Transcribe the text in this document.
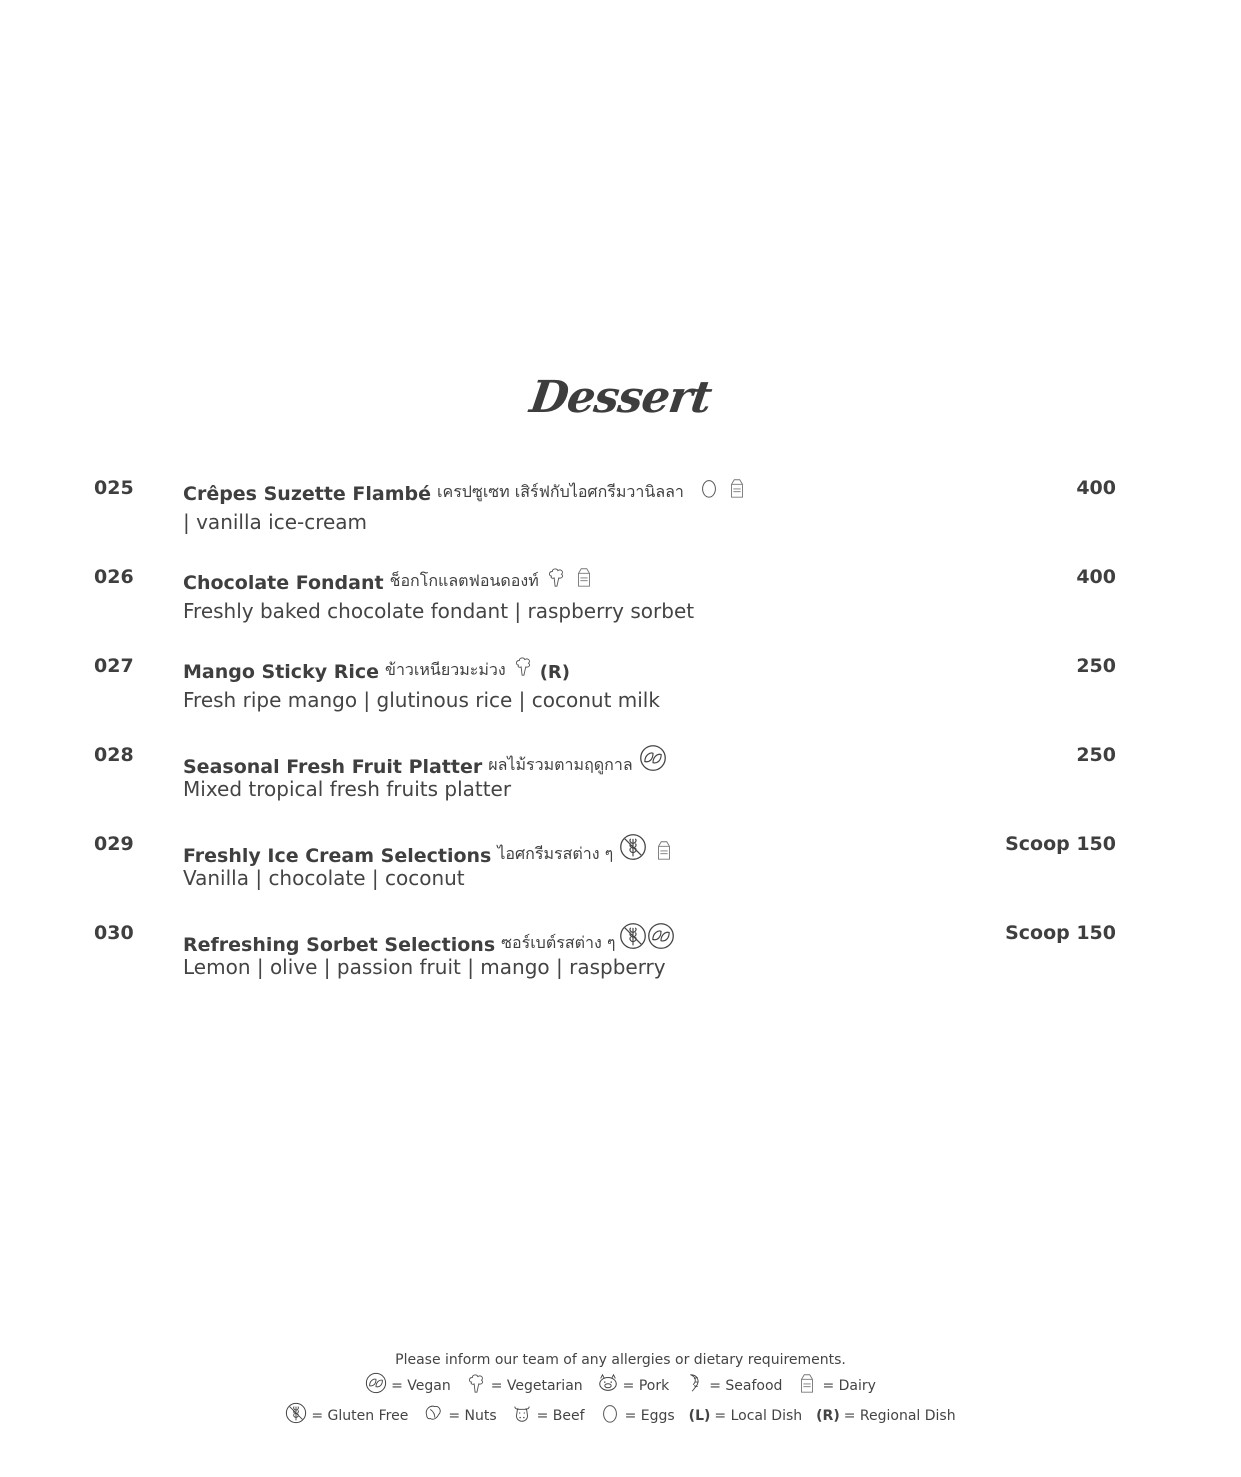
Dessert
025	Crêpes Suzette Flambé เครปซูเซท เสิร์ฟกับไอศกรีมวานิลลา	400
| vanilla ice-cream
026	Chocolate Fondant ช็อกโกแลตฟอนดองท์	400
Freshly baked chocolate fondant | raspberry sorbet
027	Mango Sticky Rice ข้าวเหนียวมะม่วง (R)	250
Fresh ripe mango | glutinous rice | coconut milk
028
Seasonal Fresh Fruit Platter ผลไม้รวมตามฤดูกาล	250
Mixed tropical fresh fruits platter
029
Freshly Ice Cream Selections ไอศกรีมรสต่าง ๆ	Scoop 150
Vanilla | chocolate | coconut
030
Refreshing Sorbet Selections ซอร์เบต์รสต่าง ๆ	Scoop 150
Lemon | olive | passion fruit | mango | raspberry
Please inform our team of any allergies or dietary requirements.
= Vegan	= Vegetarian	= Pork	= Seafood	= Dairy
= Gluten Free	= Nuts	= Beef	= Eggs (L) = Local Dish (R) = Regional Dish
